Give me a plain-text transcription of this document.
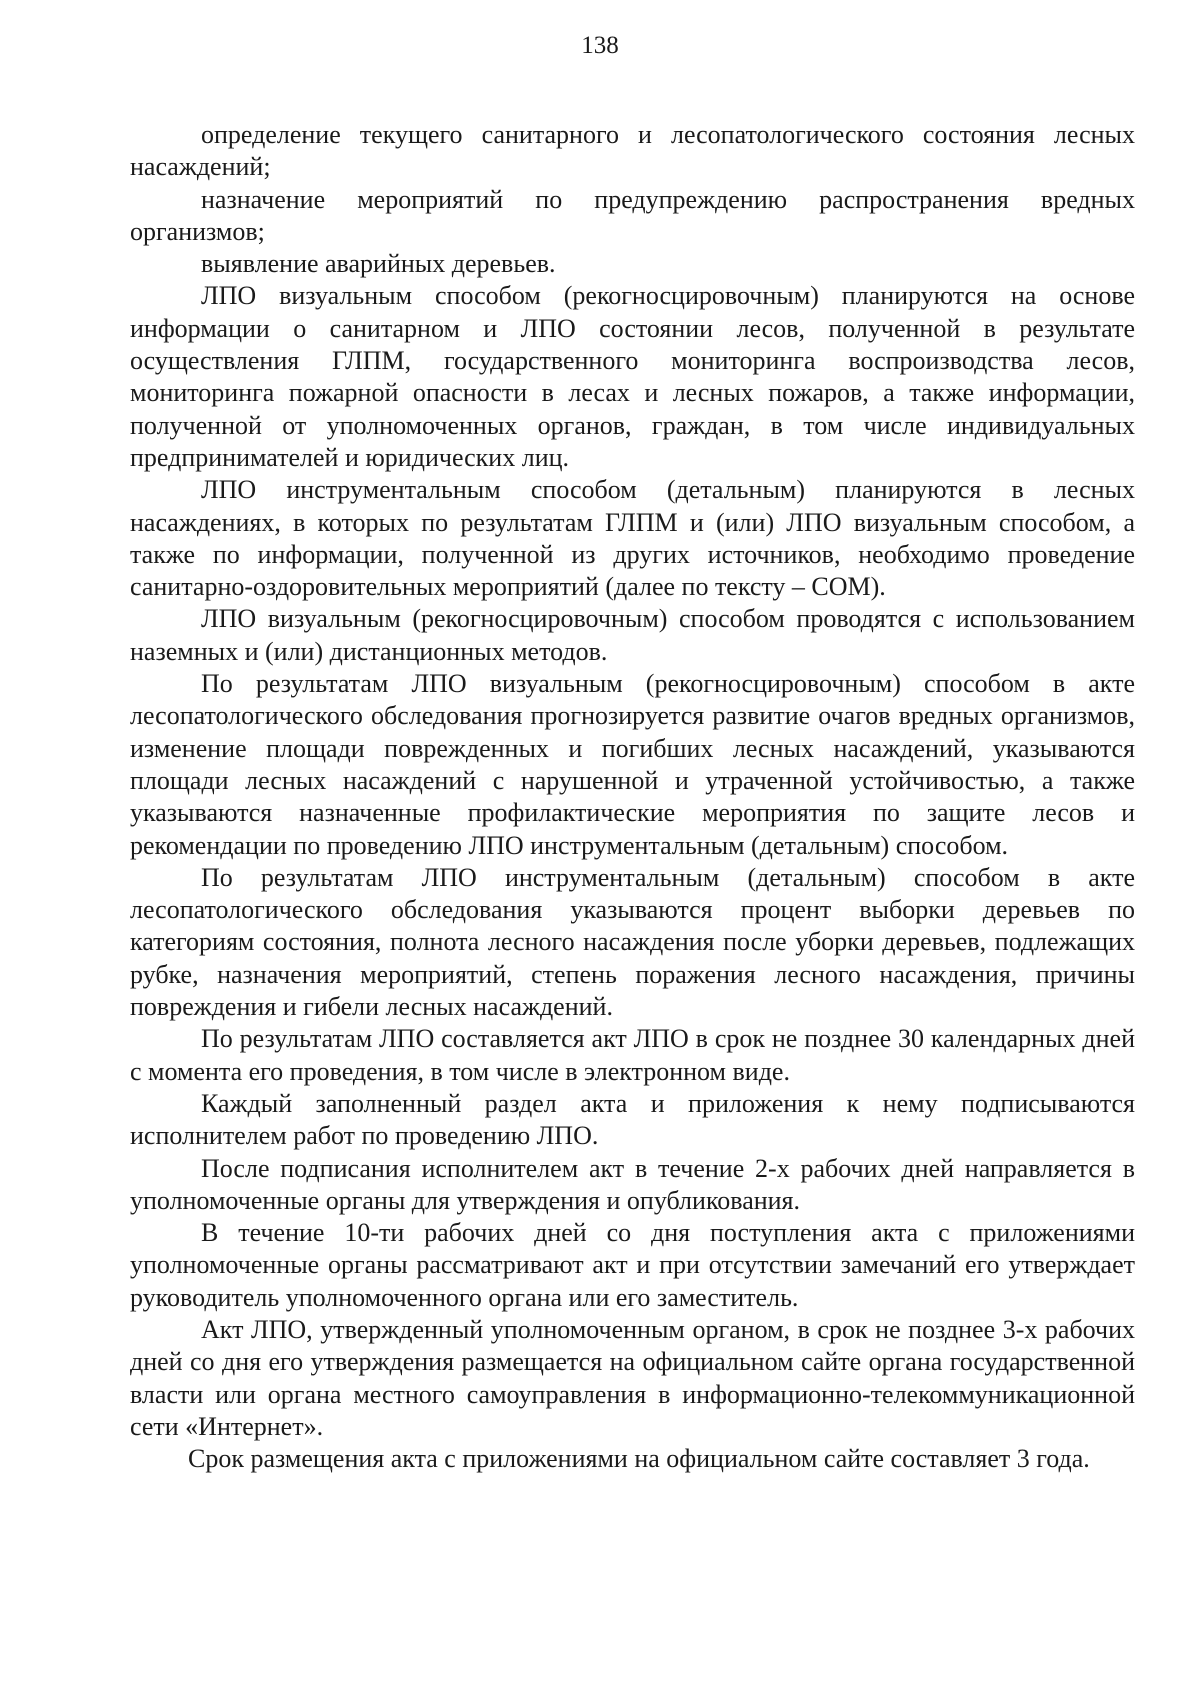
138

определение текущего санитарного и лесопатологического состояния лесных насаждений;

назначение мероприятий по предупреждению распространения вредных организмов;

выявление аварийных деревьев.

ЛПО визуальным способом (рекогносцировочным) планируются на основе информации о санитарном и ЛПО состоянии лесов, полученной в результате осуществления ГЛПМ, государственного мониторинга воспроизводства лесов, мониторинга пожарной опасности в лесах и лесных пожаров, а также информации, полученной от уполномоченных органов, граждан, в том числе индивидуальных предпринимателей и юридических лиц.

ЛПО инструментальным способом (детальным) планируются в лесных насаждениях, в которых по результатам ГЛПМ и (или) ЛПО визуальным способом, а также по информации, полученной из других источников, необходимо проведение санитарно-оздоровительных мероприятий (далее по тексту – СОМ).

ЛПО визуальным (рекогносцировочным) способом проводятся с использованием наземных и (или) дистанционных методов.

По результатам ЛПО визуальным (рекогносцировочным) способом в акте лесопатологического обследования прогнозируется развитие очагов вредных организмов, изменение площади поврежденных и погибших лесных насаждений, указываются площади лесных насаждений с нарушенной и утраченной устойчивостью, а также указываются назначенные профилактические мероприятия по защите лесов и рекомендации по проведению ЛПО инструментальным (детальным) способом.

По результатам ЛПО инструментальным (детальным) способом в акте лесопатологического обследования указываются процент выборки деревьев по категориям состояния, полнота лесного насаждения после уборки деревьев, подлежащих рубке, назначения мероприятий, степень поражения лесного насаждения, причины повреждения и гибели лесных насаждений.

По результатам ЛПО составляется акт ЛПО в срок не позднее 30 календарных дней с момента его проведения, в том числе в электронном виде.

Каждый заполненный раздел акта и приложения к нему подписываются исполнителем работ по проведению ЛПО.

После подписания исполнителем акт в течение 2-х рабочих дней направляется в уполномоченные органы для утверждения и опубликования.

В течение 10-ти рабочих дней со дня поступления акта с приложениями уполномоченные органы рассматривают акт и при отсутствии замечаний его утверждает руководитель уполномоченного органа или его заместитель.

Акт ЛПО, утвержденный уполномоченным органом, в срок не позднее 3-х рабочих дней со дня его утверждения размещается на официальном сайте органа государственной власти или органа местного самоуправления в информационно-телекоммуникационной сети «Интернет».

Срок размещения акта с приложениями на официальном сайте составляет 3 года.
